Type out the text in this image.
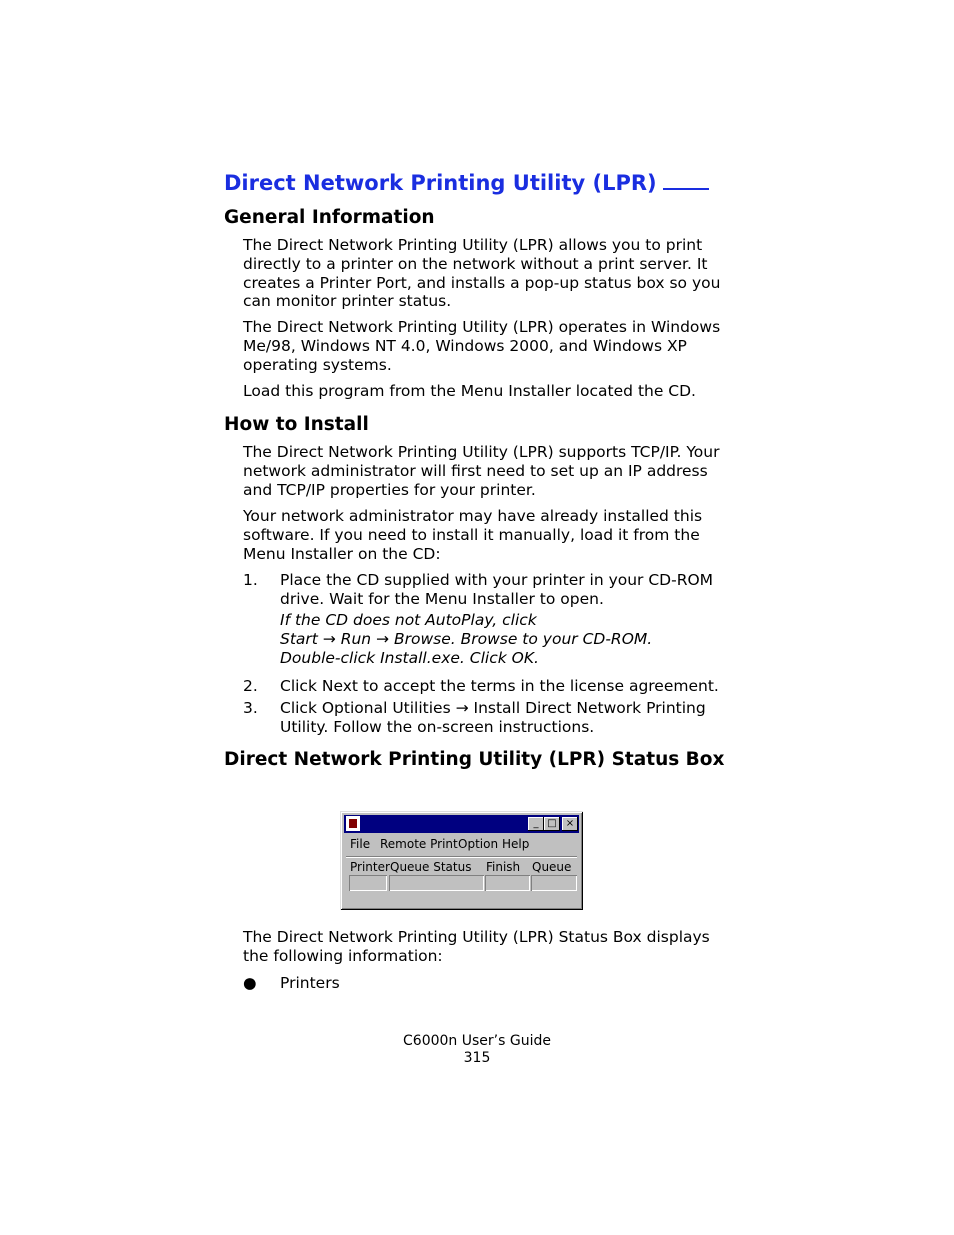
Direct Network Printing Utility (LPR)
General Information
The Direct Network Printing Utility (LPR) allows you to print
directly to a printer on the network without a print server. It
creates a Printer Port, and installs a pop-up status box so you
can monitor printer status.
The Direct Network Printing Utility (LPR) operates in Windows
Me/98, Windows NT 4.0, Windows 2000, and Windows XP
operating systems.
Load this program from the Menu Installer located the CD.
How to Install
The Direct Network Printing Utility (LPR) supports TCP/IP. Your
network administrator will first need to set up an IP address
and TCP/IP properties for your printer.
Your network administrator may have already installed this
software. If you need to install it manually, load it from the
Menu Installer on the CD:
1. Place the CD supplied with your printer in your CD-ROM
drive. Wait for the Menu Installer to open.
If the CD does not AutoPlay, click
Start → Run → Browse. Browse to your CD-ROM.
Double-click Install.exe. Click OK.
2. Click Next to accept the terms in the license agreement.
3. Click Optional Utilities → Install Direct Network Printing
Utility. Follow the on-screen instructions.
Direct Network Printing Utility (LPR) Status Box
_ □ ×
File Remote Print Option Help
Printer Queue Status Finish Queue
The Direct Network Printing Utility (LPR) Status Box displays
the following information:
● Printers
C6000n User’s Guide
315
